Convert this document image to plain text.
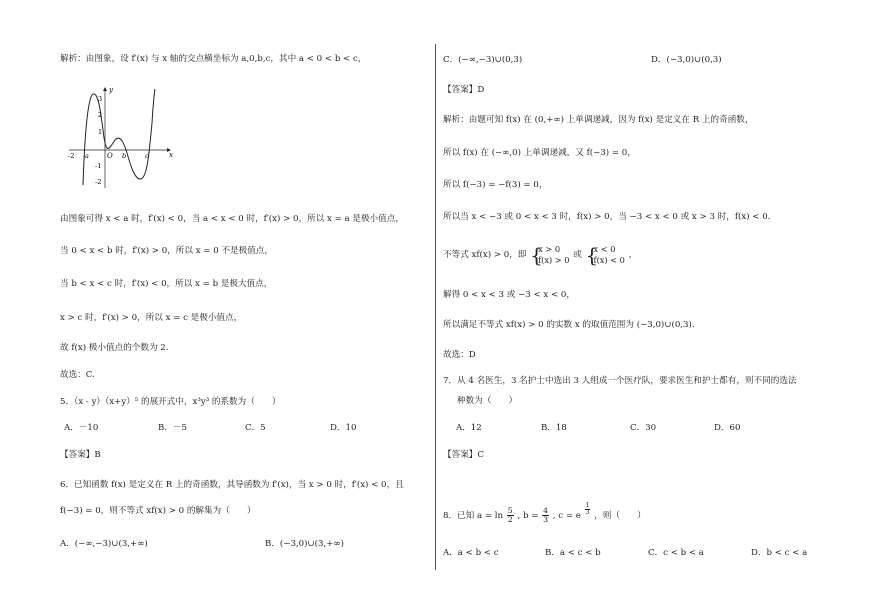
解析：由图象，设 f′(x) 与 x 轴的交点横坐标为 a,0,b,c，其中 a < 0 < b < c，
y
x
O
3
2
1
-1
-2
-2 a	b	c
由图象可得 x < a 时，f′(x) < 0，当 a < x < 0 时，f′(x) > 0，所以 x = a 是极小值点，
当 0 < x < b 时，f′(x) > 0，所以 x = 0 不是极值点，
当 b < x < c 时，f′(x) < 0，所以 x = b 是极大值点，
x > c 时，f′(x) > 0，所以 x = c 是极小值点，
故 f(x) 极小值点的个数为 2.
故选：C.
5．（x - y）（x+y）⁵ 的展开式中，x³y³ 的系数为（　　）
A．－10	B．－5	C．5	D．10
【答案】B
6．已知函数 f(x) 是定义在 R 上的奇函数，其导函数为 f′(x)，当 x > 0 时，f′(x) < 0，且
f(−3) = 0，则不等式 xf(x) > 0 的解集为（　　）
A．(−∞,−3)∪(3,+∞)	B．(−3,0)∪(3,+∞)
C．(−∞,−3)∪(0,3)	D．(−3,0)∪(0,3)
【答案】D
解析：由题可知 f(x) 在 (0,+∞) 上单调递减，因为 f(x) 是定义在 R 上的奇函数，
所以 f(x) 在 (−∞,0) 上单调递减，又 f(−3) = 0，
所以 f(−3) = −f(3) = 0，
所以当 x < −3 或 0 < x < 3 时，f(x) > 0，当 −3 < x < 0 或 x > 3 时，f(x) < 0．
不等式 xf(x) > 0，即 {
x > 0
f(x) > 0 或 {
x < 0
f(x) < 0 ，
解得 0 < x < 3 或 −3 < x < 0，
所以满足不等式 xf(x) > 0 的实数 x 的取值范围为 (−3,0)∪(0,3)．
故选：D
7．从 4 名医生，3 名护士中选出 3 人组成一个医疗队，要求医生和护士都有，则不同的选法
种数为（　　）
A．12	B．18	C．30	D．60
【答案】C
8．已知 $a = \ln \frac{5}{2}$ , $b = \frac{4}{3}$ , c = e $\frac{1}{3}$ ，则（　　）
A．a < b < c	B．a < c < b	C．c < b < a	D．b < c < a
